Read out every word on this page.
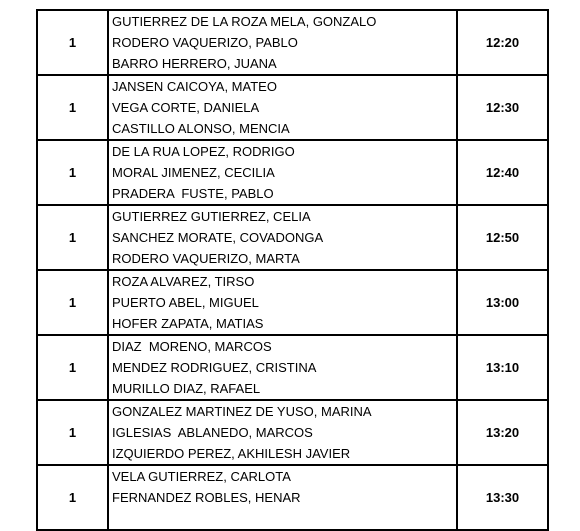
1	GUTIERREZ DE LA ROZA MELA, GONZALO
RODERO VAQUERIZO, PABLO
BARRO HERRERO, JUANA	12:20
1	JANSEN CAICOYA, MATEO
VEGA CORTE, DANIELA
CASTILLO ALONSO, MENCIA	12:30
1	DE LA RUA LOPEZ, RODRIGO
MORAL JIMENEZ, CECILIA
PRADERA  FUSTE, PABLO	12:40
1	GUTIERREZ GUTIERREZ, CELIA
SANCHEZ MORATE, COVADONGA
RODERO VAQUERIZO, MARTA	12:50
1	ROZA ALVAREZ, TIRSO
PUERTO ABEL, MIGUEL
HOFER ZAPATA, MATIAS	13:00
1	DIAZ  MORENO, MARCOS
MENDEZ RODRIGUEZ, CRISTINA
MURILLO DIAZ, RAFAEL	13:10
1	GONZALEZ MARTINEZ DE YUSO, MARINA
IGLESIAS  ABLANEDO, MARCOS
IZQUIERDO PEREZ, AKHILESH JAVIER	13:20
1	VELA GUTIERREZ, CARLOTA
FERNANDEZ ROBLES, HENAR	13:30
